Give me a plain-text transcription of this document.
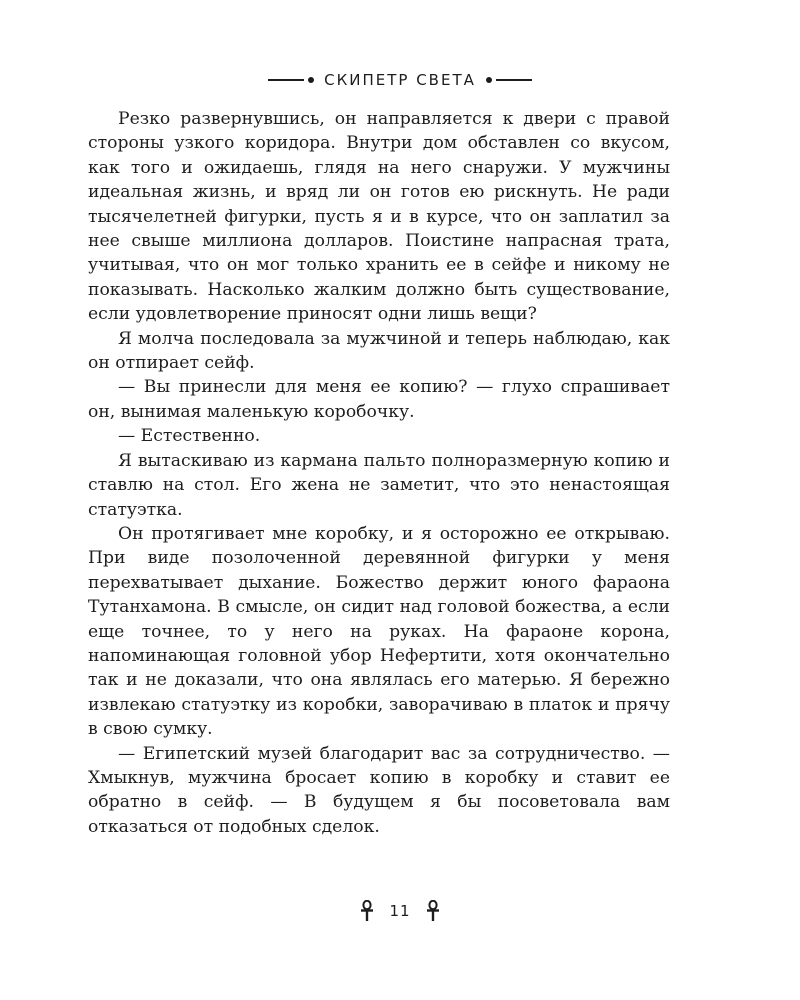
СКИПЕТР СВЕТА

Резко развернувшись, он направляется к двери с правой стороны узкого коридора. Внутри дом обставлен со вкусом, как того и ожидаешь, глядя на него снаружи. У мужчины идеальная жизнь, и вряд ли он готов ею рискнуть. Не ради тысячелетней фигурки, пусть я и в курсе, что он заплатил за нее свыше миллиона долларов. Поистине напрасная трата, учитывая, что он мог только хранить ее в сейфе и никому не показывать. Насколько жалким должно быть существование, если удовлетворение приносят одни лишь вещи?

Я молча последовала за мужчиной и теперь наблюдаю, как он отпирает сейф.

— Вы принесли для меня ее копию? — глухо спрашивает он, вынимая маленькую коробочку.

— Естественно.

Я вытаскиваю из кармана пальто полноразмерную копию и ставлю на стол. Его жена не заметит, что это ненастоящая статуэтка.

Он протягивает мне коробку, и я осторожно ее открываю. При виде позолоченной деревянной фигурки у меня перехватывает дыхание. Божество держит юного фараона Тутанхамона. В смысле, он сидит над головой божества, а если еще точнее, то у него на руках. На фараоне корона, напоминающая головной убор Нефертити, хотя окончательно так и не доказали, что она являлась его матерью. Я бережно извлекаю статуэтку из коробки, заворачиваю в платок и прячу в свою сумку.

— Египетский музей благодарит вас за сотрудничество. — Хмыкнув, мужчина бросает копию в коробку и ставит ее обратно в сейф. — В будущем я бы посоветовала вам отказаться от подобных сделок.

11
